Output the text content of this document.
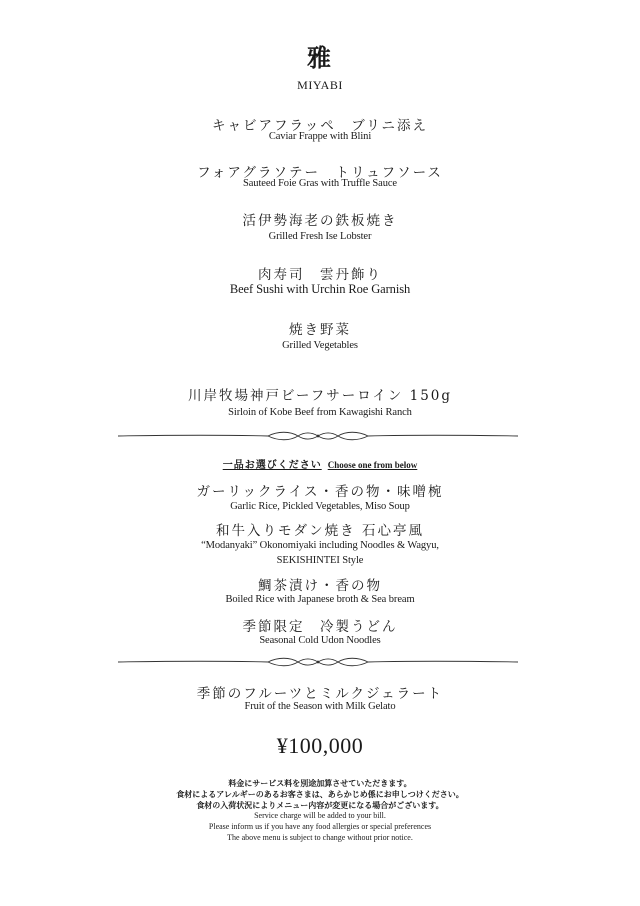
雅
MIYABI
キャビアフラッペ　ブリニ添え
Caviar Frappe with Blini
フォアグラソテー　トリュフソース
Sauteed Foie Gras with Truffle Sauce
活伊勢海老の鉄板焼き
Grilled Fresh Ise Lobster
肉寿司　雲丹飾り
Beef Sushi with Urchin Roe Garnish
焼き野菜
Grilled Vegetables
川岸牧場神戸ビーフサーロイン 150g
Sirloin of Kobe Beef from Kawagishi Ranch
一品お選びください Choose one from below
ガーリックライス・香の物・味噌椀
Garlic Rice, Pickled Vegetables, Miso Soup
和牛入りモダン焼き 石心亭風
“Modanyaki” Okonomiyaki including Noodles & Wagyu,
SEKISHINTEI Style
鯛茶漬け・香の物
Boiled Rice with Japanese broth & Sea bream
季節限定　冷製うどん
Seasonal Cold Udon Noodles
季節のフルーツとミルクジェラート
Fruit of the Season with Milk Gelato
¥100,000
料金にサービス料を別途加算させていただきます。
食材によるアレルギーのあるお客さまは、あらかじめ係にお申しつけください。
食材の入荷状況によりメニュー内容が変更になる場合がございます。
Service charge will be added to your bill.
Please inform us if you have any food allergies or special preferences
The above menu is subject to change without prior notice.
